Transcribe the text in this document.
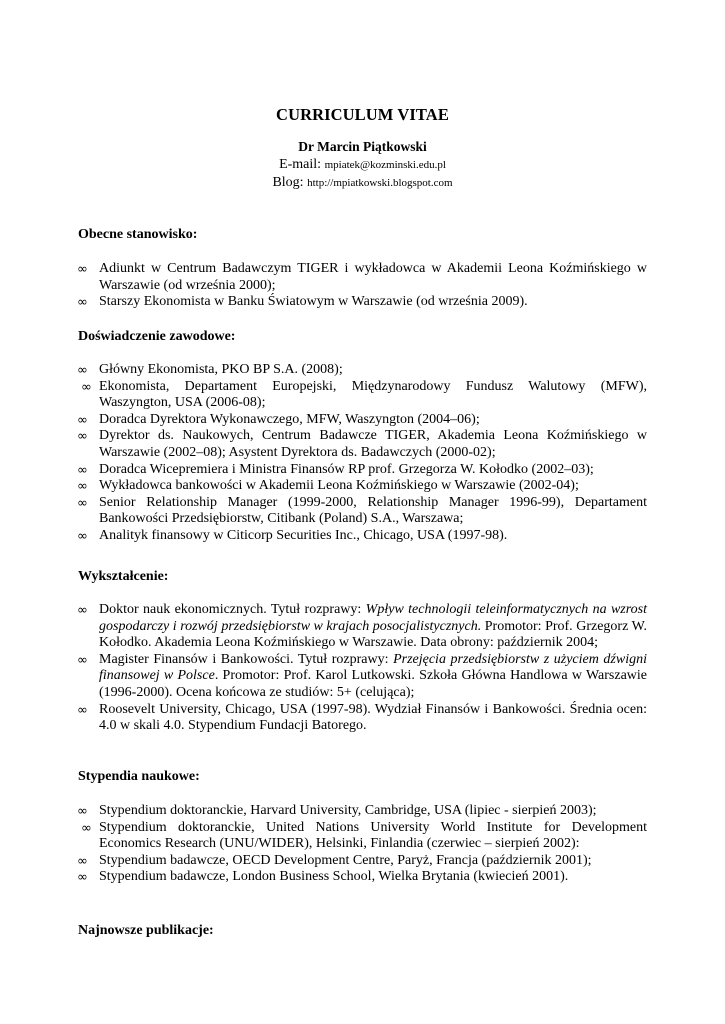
CURRICULUM VITAE
Dr Marcin Piątkowski
E-mail: mpiatek@kozminski.edu.pl
Blog: http://mpiatkowski.blogspot.com
Obecne stanowisko:
∞ Adiunkt w Centrum Badawczym TIGER i wykładowca w Akademii Leona Koźmińskiego w Warszawie (od września 2000);
∞ Starszy Ekonomista w Banku Światowym w Warszawie (od września 2009).
Doświadczenie zawodowe:
∞ Główny Ekonomista, PKO BP S.A. (2008);
∞ Ekonomista, Departament Europejski, Międzynarodowy Fundusz Walutowy (MFW), Waszyngton, USA (2006-08);
∞ Doradca Dyrektora Wykonawczego, MFW, Waszyngton (2004–06);
∞ Dyrektor ds. Naukowych, Centrum Badawcze TIGER, Akademia Leona Koźmińskiego w Warszawie (2002–08); Asystent Dyrektora ds. Badawczych (2000-02);
∞ Doradca Wicepremiera i Ministra Finansów RP prof. Grzegorza W. Kołodko (2002–03);
∞ Wykładowca bankowości w Akademii Leona Koźmińskiego w Warszawie (2002-04);
∞ Senior Relationship Manager (1999-2000, Relationship Manager 1996-99), Departament Bankowości Przedsiębiorstw, Citibank (Poland) S.A., Warszawa;
∞ Analityk finansowy w Citicorp Securities Inc., Chicago, USA (1997-98).
Wykształcenie:
∞ Doktor nauk ekonomicznych. Tytuł rozprawy: Wpływ technologii teleinformatycznych na wzrost gospodarczy i rozwój przedsiębiorstw w krajach posocjalistycznych. Promotor: Prof. Grzegorz W. Kołodko. Akademia Leona Koźmińskiego w Warszawie. Data obrony: październik 2004;
∞ Magister Finansów i Bankowości. Tytuł rozprawy: Przejęcia przedsiębiorstw z użyciem dźwigni finansowej w Polsce. Promotor: Prof. Karol Lutkowski. Szkoła Główna Handlowa w Warszawie (1996-2000). Ocena końcowa ze studiów: 5+ (celująca);
∞ Roosevelt University, Chicago, USA (1997-98). Wydział Finansów i Bankowości. Średnia ocen: 4.0 w skali 4.0. Stypendium Fundacji Batorego.
Stypendia naukowe:
∞ Stypendium doktoranckie, Harvard University, Cambridge, USA (lipiec - sierpień 2003);
∞ Stypendium doktoranckie, United Nations University World Institute for Development Economics Research (UNU/WIDER), Helsinki, Finlandia (czerwiec – sierpień 2002):
∞ Stypendium badawcze, OECD Development Centre, Paryż, Francja (październik 2001);
∞ Stypendium badawcze, London Business School, Wielka Brytania (kwiecień 2001).
Najnowsze publikacje:
